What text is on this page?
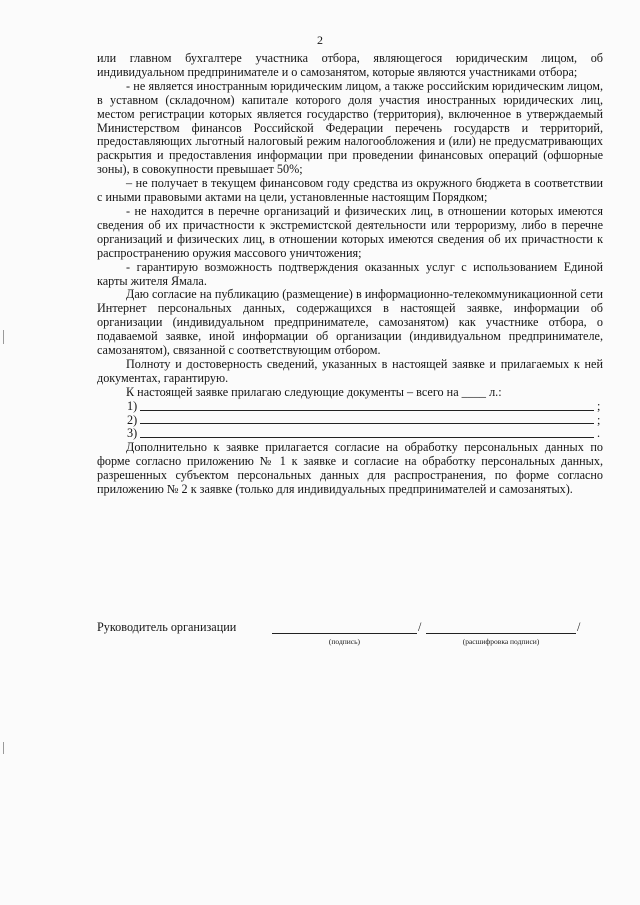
2

или главном бухгалтере участника отбора, являющегося юридическим лицом, об индивидуальном предпринимателе и о самозанятом, которые являются участниками отбора;

- не является иностранным юридическим лицом, а также российским юридическим лицом, в уставном (складочном) капитале которого доля участия иностранных юридических лиц, местом регистрации которых является государство (территория), включенное в утверждаемый Министерством финансов Российской Федерации перечень государств и территорий, предоставляющих льготный налоговый режим налогообложения и (или) не предусматривающих раскрытия и предоставления информации при проведении финансовых операций (офшорные зоны), в совокупности превышает 50%;

– не получает в текущем финансовом году средства из окружного бюджета в соответствии с иными правовыми актами на цели, установленные настоящим Порядком;

- не находится в перечне организаций и физических лиц, в отношении которых имеются сведения об их причастности к экстремистской деятельности или терроризму, либо в перечне организаций и физических лиц, в отношении которых имеются сведения об их причастности к распространению оружия массового уничтожения;

- гарантирую возможность подтверждения оказанных услуг с использованием Единой карты жителя Ямала.

Даю согласие на публикацию (размещение) в информационно-телекоммуникационной сети Интернет персональных данных, содержащихся в настоящей заявке, информации об организации (индивидуальном предпринимателе, самозанятом) как участнике отбора, о подаваемой заявке, иной информации об организации (индивидуальном предпринимателе, самозанятом), связанной с соответствующим отбором.

Полноту и достоверность сведений, указанных в настоящей заявке и прилагаемых к ней документах, гарантирую.

К настоящей заявке прилагаю следующие документы – всего на ____ л.:

1)	;
2)	;
3)	.

Дополнительно к заявке прилагается согласие на обработку персональных данных по форме согласно приложению № 1 к заявке и согласие на обработку персональных данных, разрешенных субъектом персональных данных для распространения, по форме согласно приложению № 2 к заявке (только для индивидуальных предпринимателей и самозанятых).

Руководитель организации	/	/
(подпись)	(расшифровка подписи)
